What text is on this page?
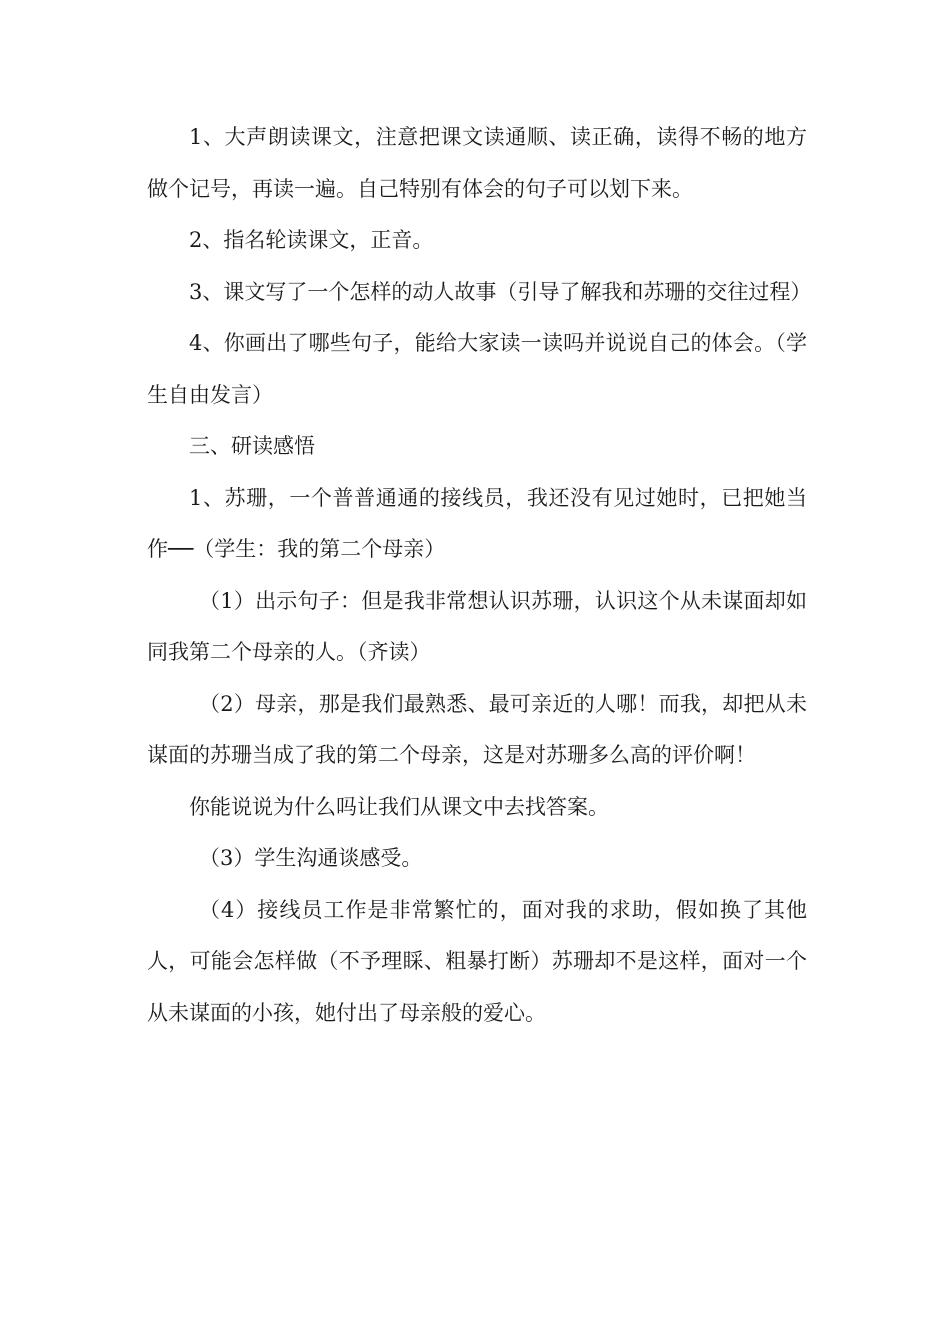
1、大声朗读课文，注意把课文读通顺、读正确，读得不畅的地方做个记号，再读一遍。自己特别有体会的句子可以划下来。

2、指名轮读课文，正音。

3、课文写了一个怎样的动人故事（引导了解我和苏珊的交往过程）

4、你画出了哪些句子，能给大家读一读吗并说说自己的体会。（学生自由发言）

三、研读感悟

1、苏珊，一个普普通通的接线员，我还没有见过她时，已把她当作──（学生：我的第二个母亲）

（1）出示句子：但是我非常想认识苏珊，认识这个从未谋面却如同我第二个母亲的人。（齐读）

（2）母亲，那是我们最熟悉、最可亲近的人哪！而我，却把从未谋面的苏珊当成了我的第二个母亲，这是对苏珊多么高的评价啊！

你能说说为什么吗让我们从课文中去找答案。

（3）学生沟通谈感受。

（4）接线员工作是非常繁忙的，面对我的求助，假如换了其他人，可能会怎样做（不予理睬、粗暴打断）苏珊却不是这样，面对一个从未谋面的小孩，她付出了母亲般的爱心。
